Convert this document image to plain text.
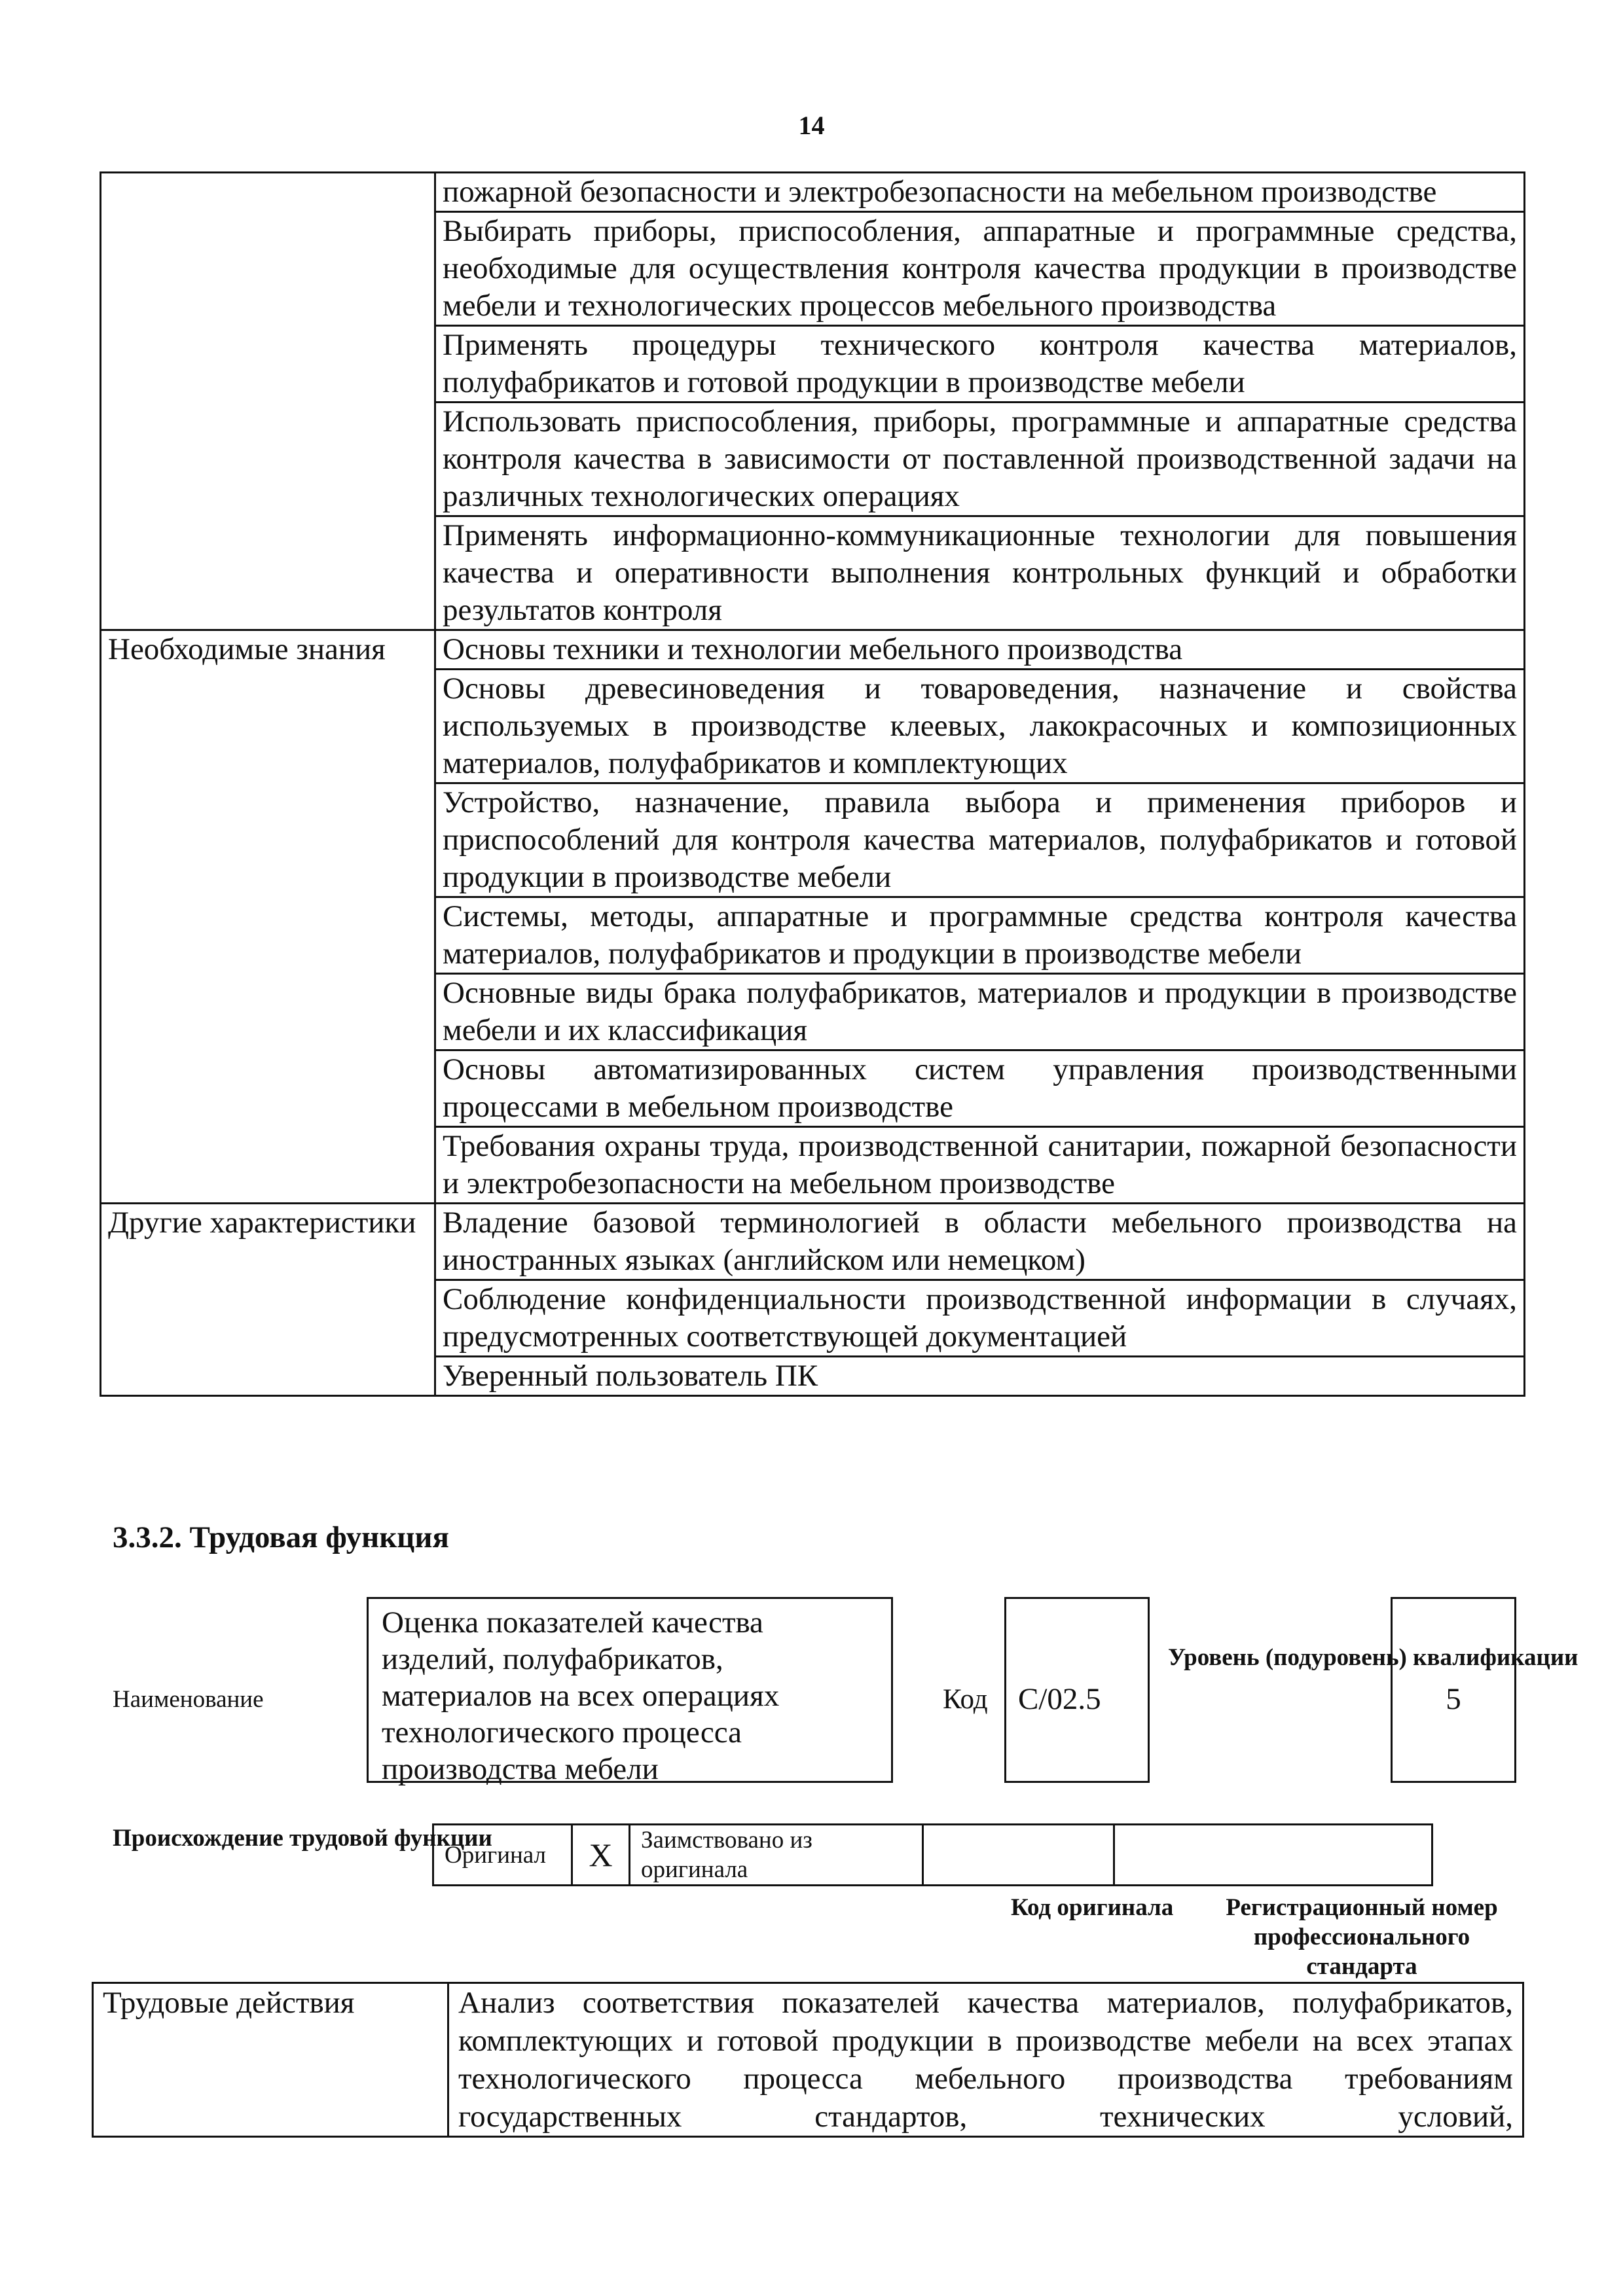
14
	пожарной безопасности и электробезопасности на мебельном производстве
	Выбирать приборы, приспособления, аппаратные и программные средства, необходимые для осуществления контроля качества продукции в производстве мебели и технологических процессов мебельного производства
	Применять процедуры технического контроля качества материалов, полуфабрикатов и готовой продукции в производстве мебели
	Использовать приспособления, приборы, программные и аппаратные средства контроля качества в зависимости от поставленной производственной задачи на различных технологических операциях
	Применять информационно-коммуникационные технологии для повышения качества и оперативности выполнения контрольных функций и обработки результатов контроля
Необходимые знания	Основы техники и технологии мебельного производства
	Основы древесиноведения и товароведения, назначение и свойства используемых в производстве клеевых, лакокрасочных и композиционных материалов, полуфабрикатов и комплектующих
	Устройство, назначение, правила выбора и применения приборов и приспособлений для контроля качества материалов, полуфабрикатов и готовой продукции в производстве мебели
	Системы, методы, аппаратные и программные средства контроля качества материалов, полуфабрикатов и продукции в производстве мебели
	Основные виды брака полуфабрикатов, материалов и продукции в производстве мебели и их классификация
	Основы автоматизированных систем управления производственными процессами в мебельном производстве
	Требования охраны труда, производственной санитарии, пожарной безопасности и электробезопасности на мебельном производстве
Другие характеристики	Владение базовой терминологией в области мебельного производства на иностранных языках (английском или немецком)
	Соблюдение конфиденциальности производственной информации в случаях, предусмотренных соответствующей документацией
	Уверенный пользователь ПК
3.3.2. Трудовая функция
Наименование
Оценка показателей качества изделий, полуфабрикатов, материалов на всех операциях технологического процесса производства мебели
Код C/02.5
Уровень (подуровень) квалификации
5
Происхождение трудовой функции
Оригинал	X	Заимствовано из оригинала		
Код оригинала	Регистрационный номер профессионального стандарта
Трудовые действия	Анализ соответствия показателей качества материалов, полуфабрикатов, комплектующих и готовой продукции в производстве мебели на всех этапах технологического процесса мебельного производства требованиям государственных стандартов, технических условий,
